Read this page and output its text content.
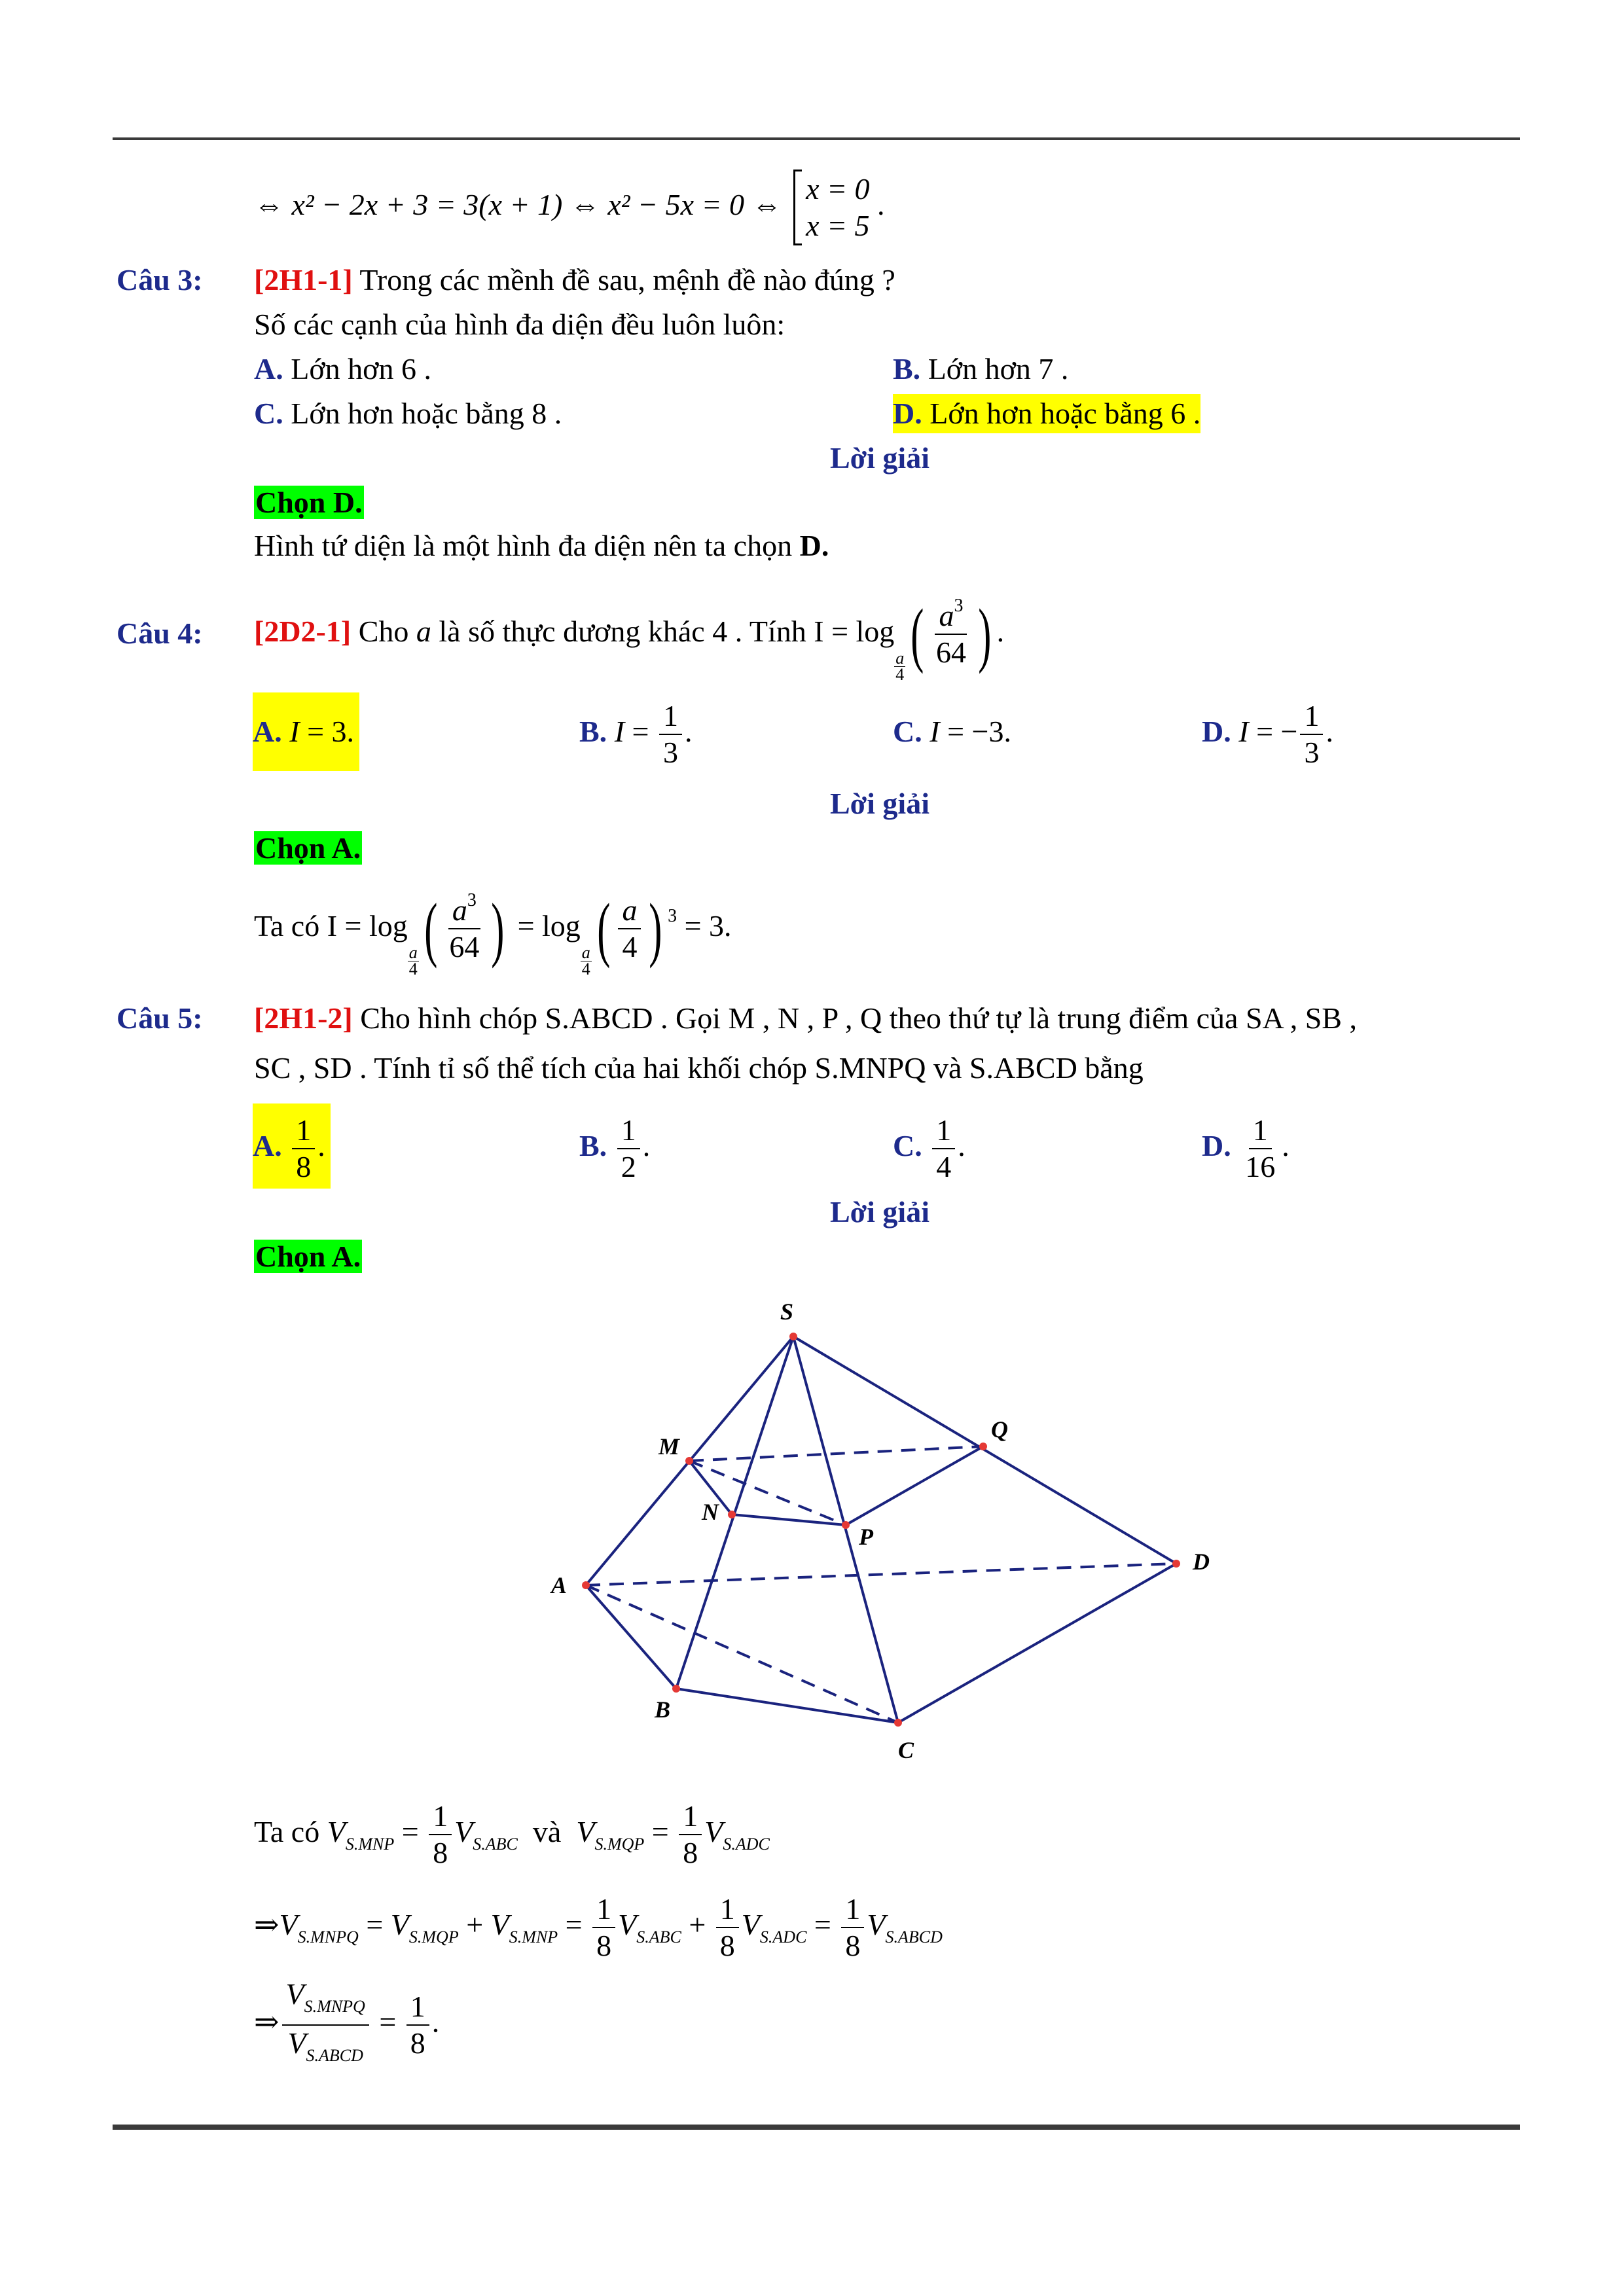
⇔ x² − 2x + 3 = 3(x + 1) ⇔ x² − 5x = 0 ⇔ x = 0
x = 5
.
Câu 3: [2H1-1] Trong các mềnh đề sau, mệnh đề nào đúng ?
Số các cạnh của hình đa diện đều luôn luôn:
A. Lớn hơn 6 .	B. Lớn hơn 7 .
C. Lớn hơn hoặc bằng 8 .	D. Lớn hơn hoặc bằng 6 .
Lời giải
Chọn D.
Hình tứ diện là một hình đa diện nên ta chọn D.
Câu 4: [2D2-1] Cho a là số thực dương khác 4 . Tính I = log
$\frac{a}{4}$ ( $\frac{a^3}{64}$ ) .
A. I = 3.	B. $I = \frac{1}{3}$ .	C. I = −3.	D. I = − $\frac{1}{3}$ .
Lời giải
Chọn A.
Ta có I = log
$\frac{a}{4}$ ( $\frac{a^3}{64}$ ) = log
$\frac{a}{4}$ ( $\frac{a}{4}$ ) $^3$ = 3.
Câu 5: [2H1-2] Cho hình chóp S.ABCD . Gọi M , N , P , Q theo thứ tự là trung điểm của SA , SB ,
SC , SD . Tính tỉ số thể tích của hai khối chóp S.MNPQ và S.ABCD bằng
A. $\frac{1}{8}$ .	B. $\frac{1}{2}$ .	C. $\frac{1}{4}$ .	D. $\frac{1}{16}$ .
Lời giải
Chọn A.
S
M
Q
N
P
A
D
B
C
Ta có $V_{S.MNP} = \frac{1}{8} V_{S.ABC}$ và $V_{S.MQP} = \frac{1}{8} V_{S.ADC}$
$\Rightarrow V_{S.MNPQ} = V_{S.MQP} + V_{S.MNP} = \frac{1}{8} V_{S.ABC} + \frac{1}{8} V_{S.ADC} = \frac{1}{8} V_{S.ABCD}$
⇒ $\frac{V_{S.MNPQ}}{V_{S.ABCD}} = \frac{1}{8}$ .
